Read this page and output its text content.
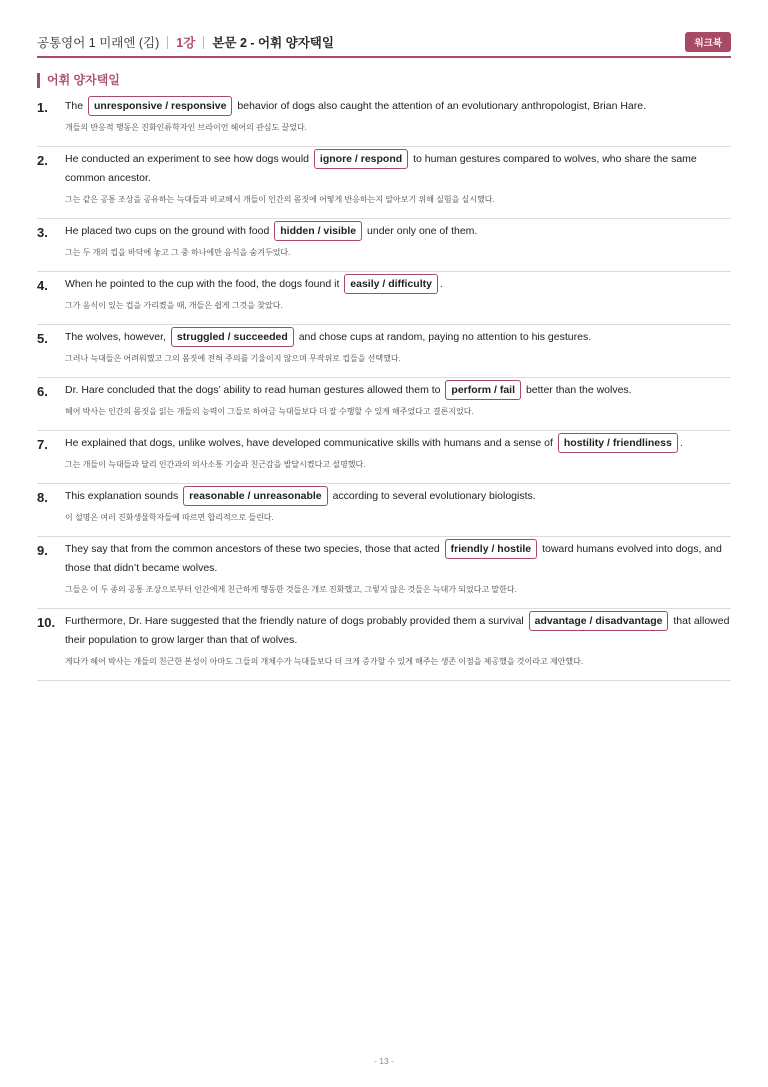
공통영어 1 미래엔 (김) 1강 본문 2 - 어휘 양자택일	워크북
어휘 양자택일
1. The unresponsive / responsive behavior of dogs also caught the attention of an evolutionary anthropologist, Brian Hare.
개들의 반응적 행동은 진화인류학자인 브라이언 헤어의 관심도 끌었다.
2. He conducted an experiment to see how dogs would ignore / respond to human gestures compared to wolves, who share the same common ancestor.
그는 같은 공통 조상을 공유하는 늑대들과 비교해서 개들이 인간의 몸짓에 어떻게 반응하는지 알아보기 위해 실험을 실시했다.
3. He placed two cups on the ground with food hidden / visible under only one of them.
그는 두 개의 컵을 바닥에 놓고 그 중 하나에만 음식을 숨겨두었다.
4. When he pointed to the cup with the food, the dogs found it easily / difficulty .
그가 음식이 있는 컵을 가리켰을 때, 개들은 쉽게 그것을 찾았다.
5. The wolves, however, struggled / succeeded and chose cups at random, paying no attention to his gestures.
그러나 늑대들은 어려워했고 그의 몸짓에 전혀 주의를 기울이지 않으며 무작위로 컵들을 선택했다.
6. Dr. Hare concluded that the dogs’ ability to read human gestures allowed them to perform / fail better than the wolves.
헤어 박사는 인간의 몸짓을 읽는 개들의 능력이 그들로 하여금 늑대들보다 더 잘 수행할 수 있게 해주었다고 결론지었다.
7. He explained that dogs, unlike wolves, have developed communicative skills with humans and a sense of hostility / friendliness .
그는 개들이 늑대들과 달리 인간과의 의사소통 기술과 친근감을 발달시켰다고 설명했다.
8. This explanation sounds reasonable / unreasonable according to several evolutionary biologists.
이 설명은 여러 진화생물학자들에 따르면 합리적으로 들린다.
9. They say that from the common ancestors of these two species, those that acted friendly / hostile toward humans evolved into dogs, and those that didn’t became wolves.
그들은 이 두 종의 공통 조상으로부터 인간에게 친근하게 행동한 것들은 개로 진화했고, 그렇지 않은 것들은 늑대가 되었다고 말한다.
10. Furthermore, Dr. Hare suggested that the friendly nature of dogs probably provided them a survival advantage / disadvantage that allowed their population to grow larger than that of wolves.
게다가 헤어 박사는 개들의 친근한 본성이 아마도 그들의 개체수가 늑대들보다 더 크게 증가할 수 있게 해주는 생존 이점을 제공했을 것이라고 제안했다.
- 13 -
